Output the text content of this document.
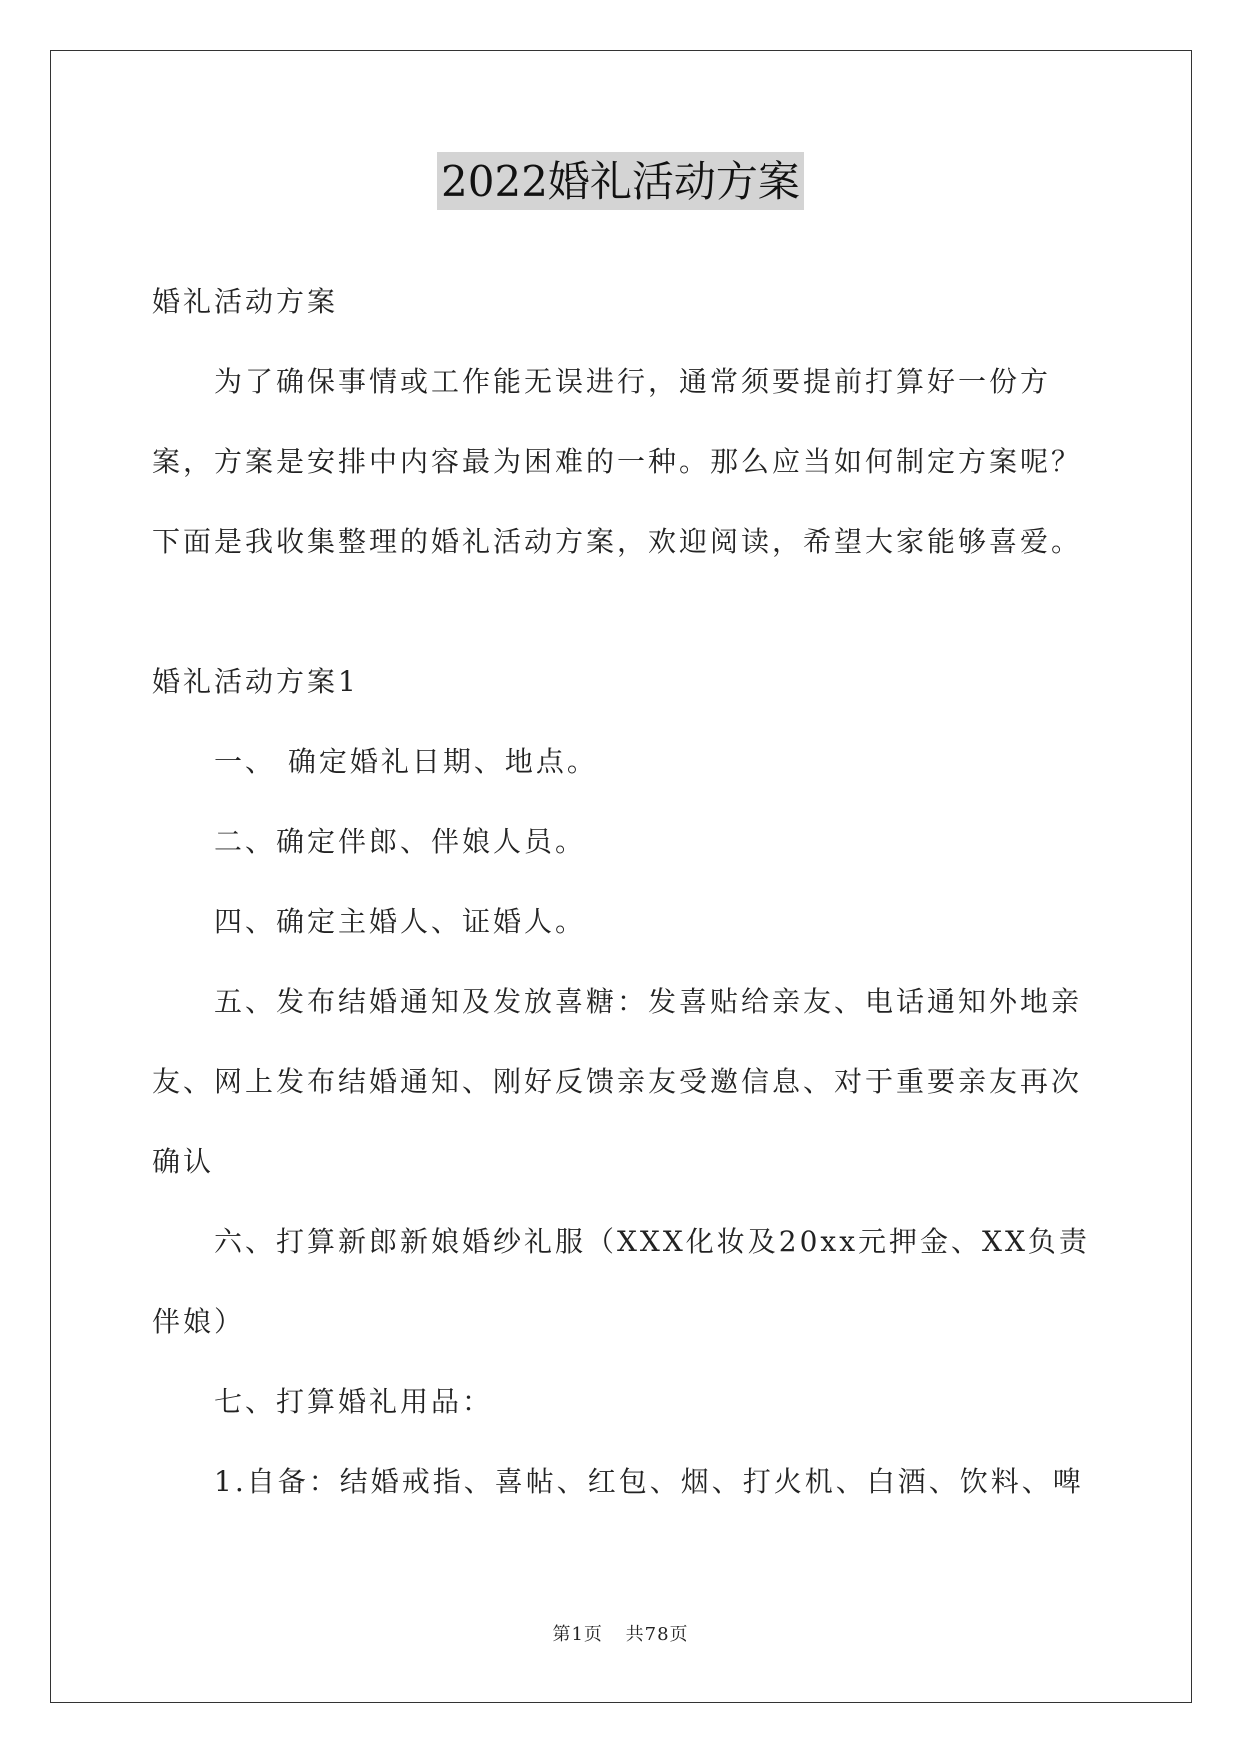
2022婚礼活动方案

婚礼活动方案

为了确保事情或工作能无误进行，通常须要提前打算好一份方案，方案是安排中内容最为困难的一种。那么应当如何制定方案呢？下面是我收集整理的婚礼活动方案，欢迎阅读，希望大家能够喜爱。

婚礼活动方案1

一、 确定婚礼日期、地点。

二、确定伴郎、伴娘人员。

四、确定主婚人、证婚人。

五、发布结婚通知及发放喜糖：发喜贴给亲友、电话通知外地亲友、网上发布结婚通知、刚好反馈亲友受邀信息、对于重要亲友再次确认

六、打算新郎新娘婚纱礼服（XXX化妆及20xx元押金、XX负责伴娘）

七、打算婚礼用品：

1.自备：结婚戒指、喜帖、红包、烟、打火机、白酒、饮料、啤

第1页 共78页
